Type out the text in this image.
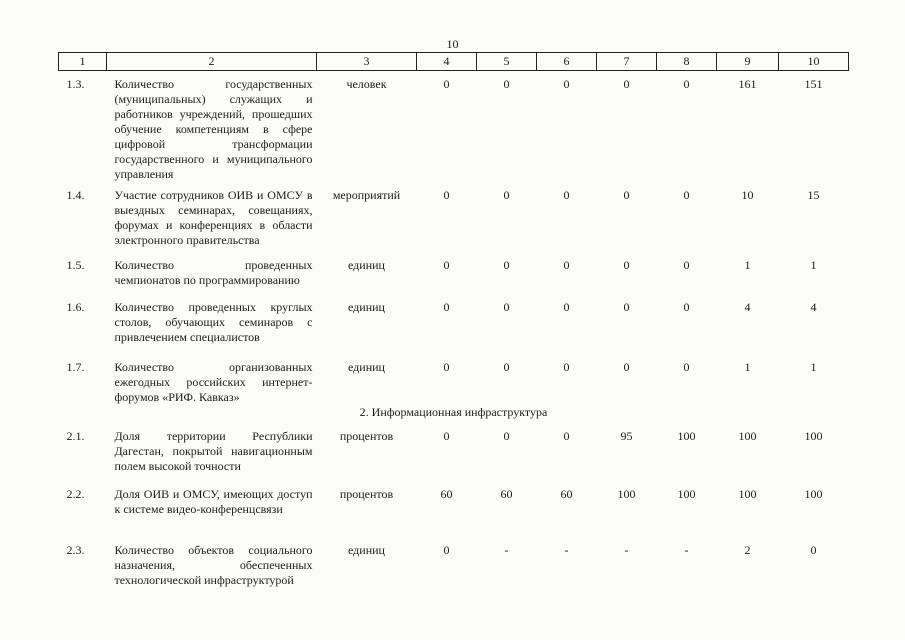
10
1	2	3	4	5	6	7	8	9	10
1.3.	Количество государственных (муниципальных) служащих и работников учреждений, прошедших обучение компетенциям в сфере цифровой трансформации государственного и муниципального управления	человек	0	0	0	0	0	161	151
1.4.	Участие сотрудников ОИВ и ОМСУ в выездных семинарах, совещаниях, форумах и конференциях в области электронного правительства	мероприятий	0	0	0	0	0	10	15
1.5.	Количество проведенных чемпионатов по программированию	единиц	0	0	0	0	0	1	1
1.6.	Количество проведенных круглых столов, обучающих семинаров с привлечением специалистов	единиц	0	0	0	0	0	4	4
1.7.	Количество организованных ежегодных российских интернет-форумов «РИФ. Кавказ»	единиц	0	0	0	0	0	1	1
2. Информационная инфраструктура									
2.1.	Доля территории Республики Дагестан, покрытой навигационным полем высокой точности	процентов	0	0	0	95	100	100	100
2.2.	Доля ОИВ и ОМСУ, имеющих доступ к системе видео-конференцсвязи	процентов	60	60	60	100	100	100	100
2.3.	Количество объектов социального назначения, обеспеченных технологической инфраструктурой	единиц	0	-	-	-	-	2	0
